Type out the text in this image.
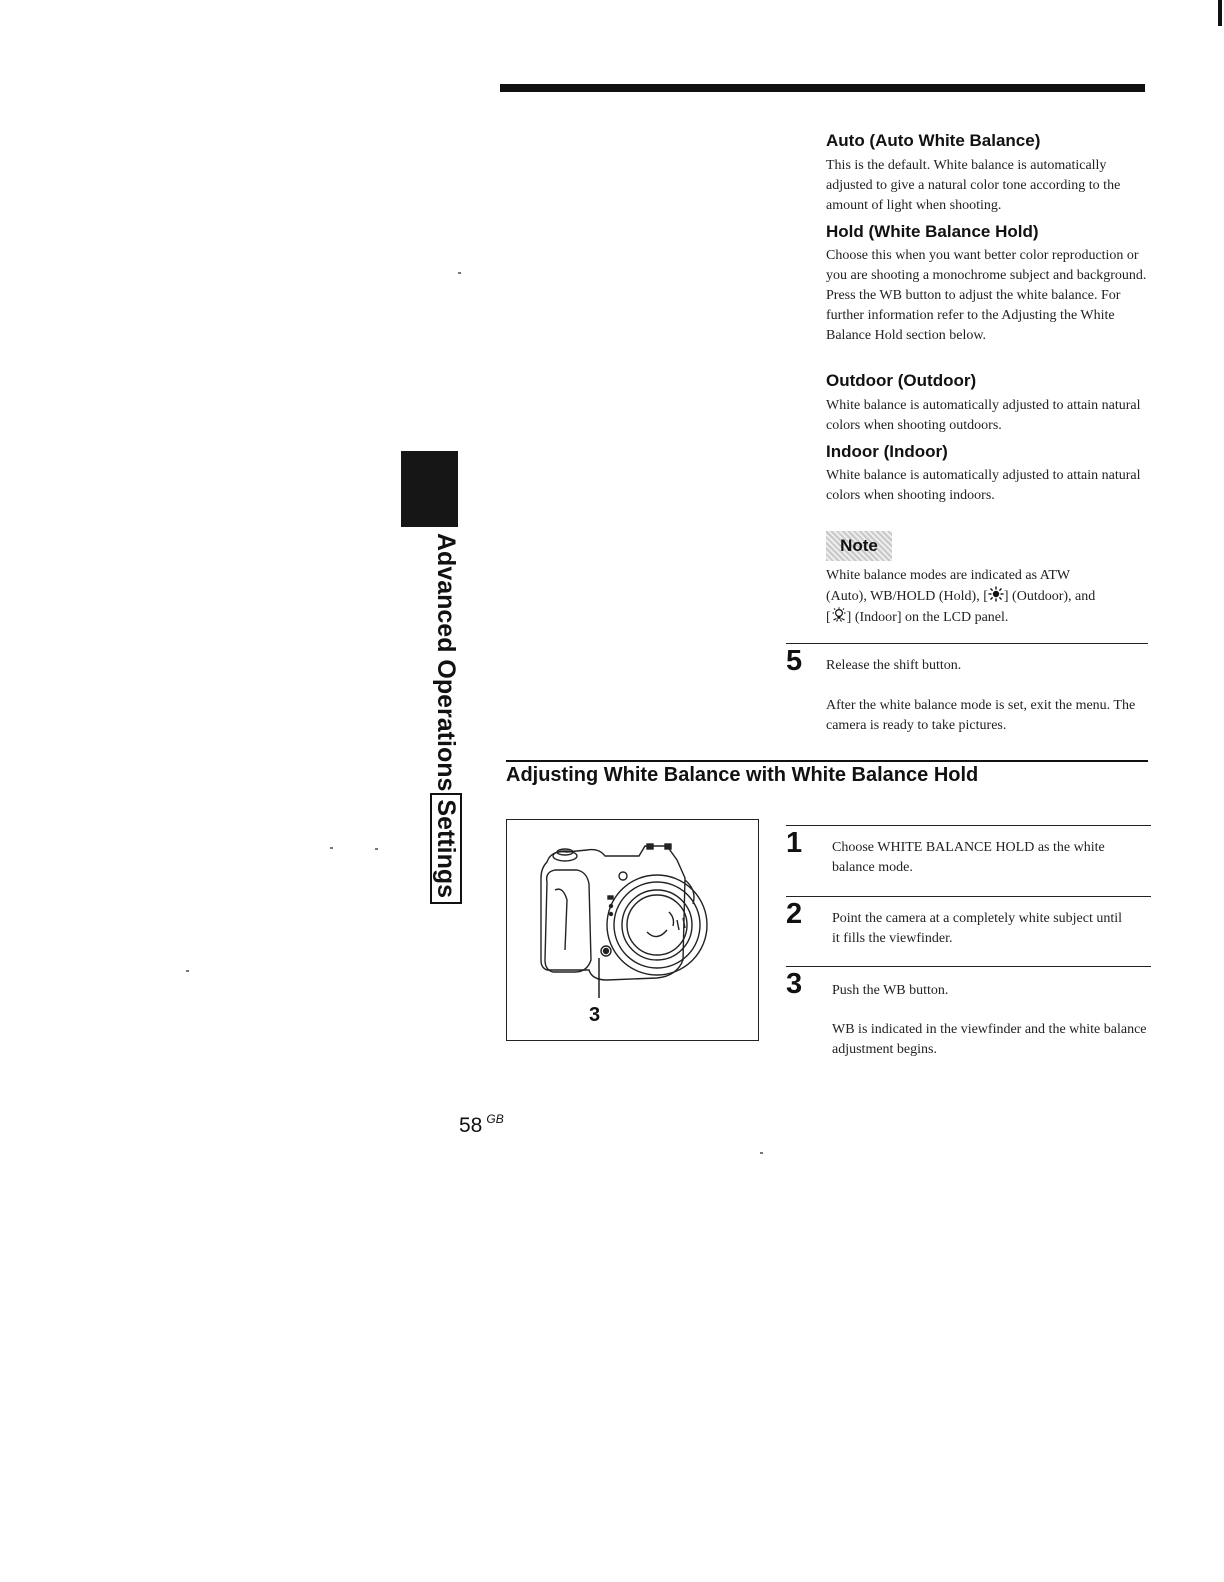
Auto (Auto White Balance)
This is the default. White balance is automatically adjusted to give a natural color tone according to the amount of light when shooting.
Hold (White Balance Hold)
Choose this when you want better color reproduction or you are shooting a monochrome subject and background. Press the WB button to adjust the white balance. For further information refer to the Adjusting the White Balance Hold section below.
Outdoor (Outdoor)
White balance is automatically adjusted to attain natural colors when shooting outdoors.
Indoor (Indoor)
White balance is automatically adjusted to attain natural colors when shooting indoors.
Note
White balance modes are indicated as ATW
(Auto), WB/HOLD (Hold), [ ] (Outdoor), and
[ ] (Indoor] on the LCD panel.
5 Release the shift button.
After the white balance mode is set, exit the menu. The camera is ready to take pictures.
Advanced Operations
Settings
Adjusting White Balance with White Balance Hold
3
1 Choose WHITE BALANCE HOLD as the white balance mode.
2 Point the camera at a completely white subject until it fills the viewfinder.
3 Push the WB button.
WB is indicated in the viewfinder and the white balance adjustment begins.
58 $^{GB}$
